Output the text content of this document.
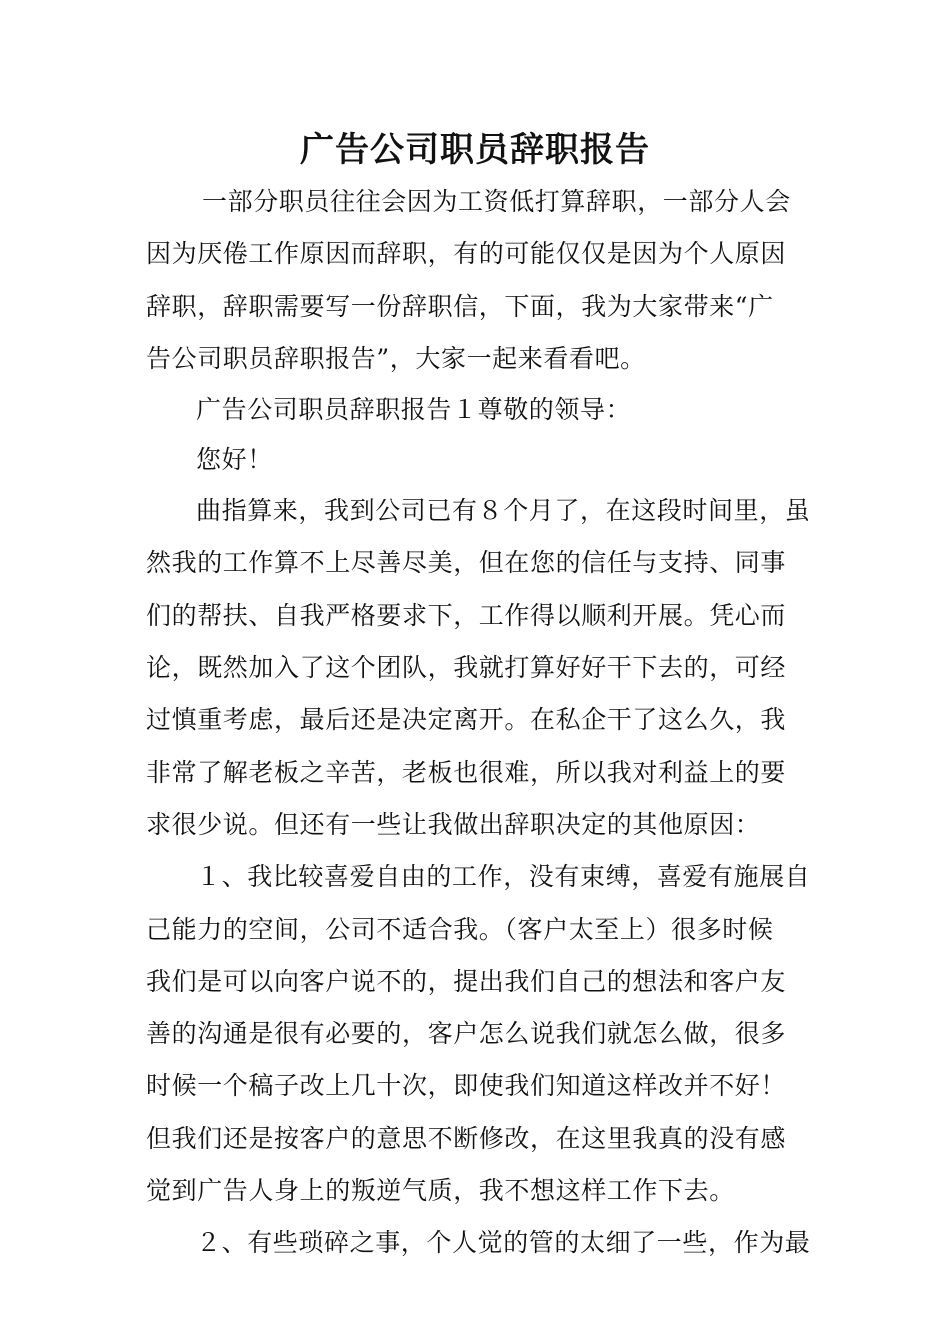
广告公司职员辞职报告
一部分职员往往会因为工资低打算辞职，一部分人会
因为厌倦工作原因而辞职，有的可能仅仅是因为个人原因
辞职，辞职需要写一份辞职信，下面，我为大家带来“广
告公司职员辞职报告”，大家一起来看看吧。
广告公司职员辞职报告１尊敬的领导：
您好！
曲指算来，我到公司已有８个月了，在这段时间里，虽
然我的工作算不上尽善尽美，但在您的信任与支持、同事
们的帮扶、自我严格要求下，工作得以顺利开展。凭心而
论，既然加入了这个团队，我就打算好好干下去的，可经
过慎重考虑，最后还是决定离开。在私企干了这么久，我
非常了解老板之辛苦，老板也很难，所以我对利益上的要
求很少说。但还有一些让我做出辞职决定的其他原因：
１、我比较喜爱自由的工作，没有束缚，喜爱有施展自
己能力的空间，公司不适合我。（客户太至上）很多时候
我们是可以向客户说不的，提出我们自己的想法和客户友
善的沟通是很有必要的，客户怎么说我们就怎么做，很多
时候一个稿子改上几十次，即使我们知道这样改并不好！
但我们还是按客户的意思不断修改，在这里我真的没有感
觉到广告人身上的叛逆气质，我不想这样工作下去。
２、有些琐碎之事，个人觉的管的太细了一些，作为最
